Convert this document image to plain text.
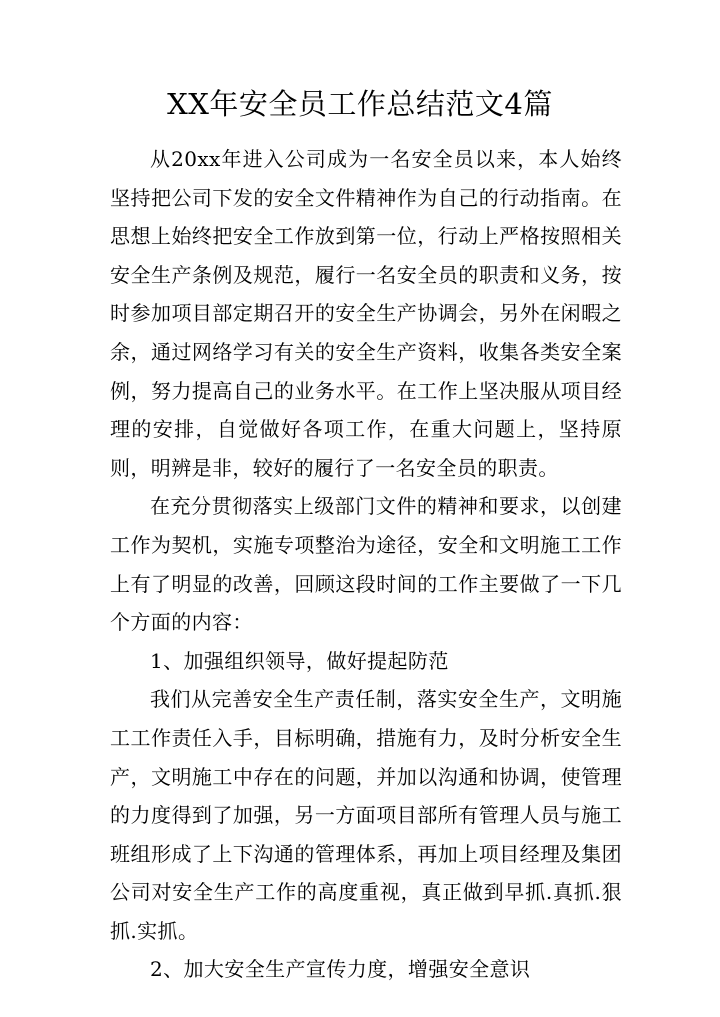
XX年安全员工作总结范文4篇

从20xx年进入公司成为一名安全员以来，本人始终坚持把公司下发的安全文件精神作为自己的行动指南。在思想上始终把安全工作放到第一位，行动上严格按照相关安全生产条例及规范，履行一名安全员的职责和义务，按时参加项目部定期召开的安全生产协调会，另外在闲暇之余，通过网络学习有关的安全生产资料，收集各类安全案例，努力提高自己的业务水平。在工作上坚决服从项目经理的安排，自觉做好各项工作，在重大问题上，坚持原则，明辨是非，较好的履行了一名安全员的职责。

在充分贯彻落实上级部门文件的精神和要求，以创建工作为契机，实施专项整治为途径，安全和文明施工工作上有了明显的改善，回顾这段时间的工作主要做了一下几个方面的内容：

1、加强组织领导，做好提起防范

我们从完善安全生产责任制，落实安全生产，文明施工工作责任入手，目标明确，措施有力，及时分析安全生产，文明施工中存在的问题，并加以沟通和协调，使管理的力度得到了加强，另一方面项目部所有管理人员与施工班组形成了上下沟通的管理体系，再加上项目经理及集团公司对安全生产工作的高度重视，真正做到早抓.真抓.狠抓.实抓。

2、加大安全生产宣传力度，增强安全意识
